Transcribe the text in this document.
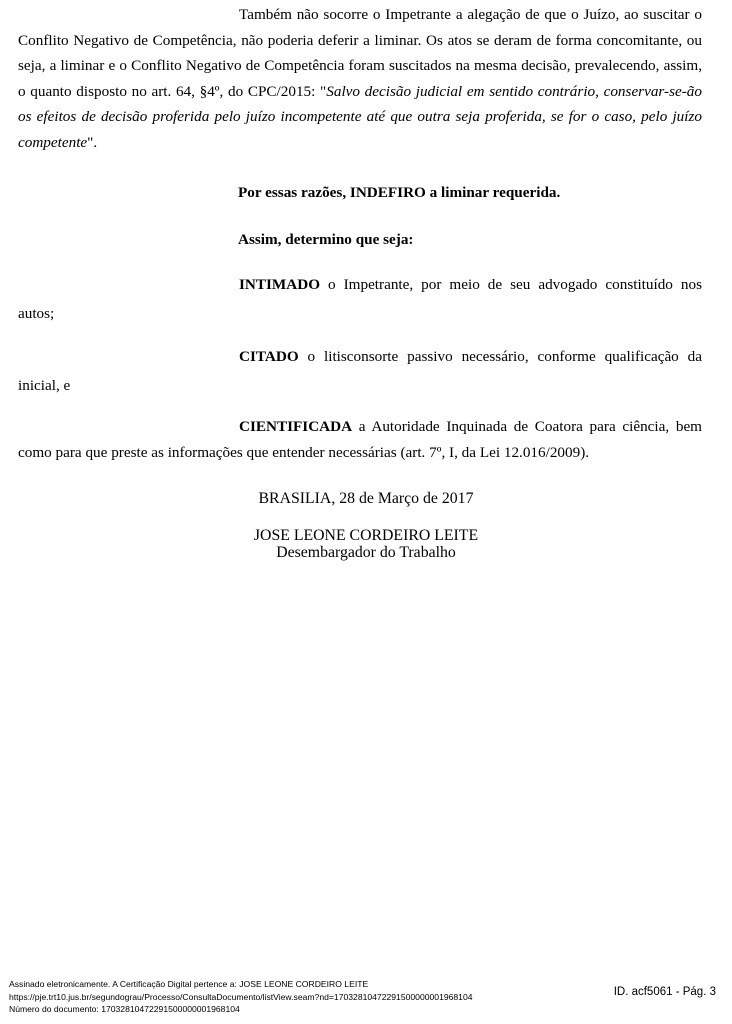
Também não socorre o Impetrante a alegação de que o Juízo, ao suscitar o Conflito Negativo de Competência, não poderia deferir a liminar. Os atos se deram de forma concomitante, ou seja, a liminar e o Conflito Negativo de Competência foram suscitados na mesma decisão, prevalecendo, assim, o quanto disposto no art. 64, §4º, do CPC/2015: "Salvo decisão judicial em sentido contrário, conservar-se-ão os efeitos de decisão proferida pelo juízo incompetente até que outra seja proferida, se for o caso, pelo juízo competente".

Por essas razões, INDEFIRO a liminar requerida.

Assim, determino que seja:

INTIMADO o Impetrante, por meio de seu advogado constituído nos autos;

CITADO o litisconsorte passivo necessário, conforme qualificação da inicial, e

CIENTIFICADA a Autoridade Inquinada de Coatora para ciência, bem como para que preste as informações que entender necessárias (art. 7º, I, da Lei 12.016/2009).

BRASILIA, 28 de Março de 2017

JOSE LEONE CORDEIRO LEITE

Desembargador do Trabalho

Assinado eletronicamente. A Certificação Digital pertence a: JOSE LEONE CORDEIRO LEITE
https://pje.trt10.jus.br/segundograu/Processo/ConsultaDocumento/listView.seam?nd=17032810472291500000001968104
Número do documento: 17032810472291500000001968104
ID. acf5061 - Pág. 3
